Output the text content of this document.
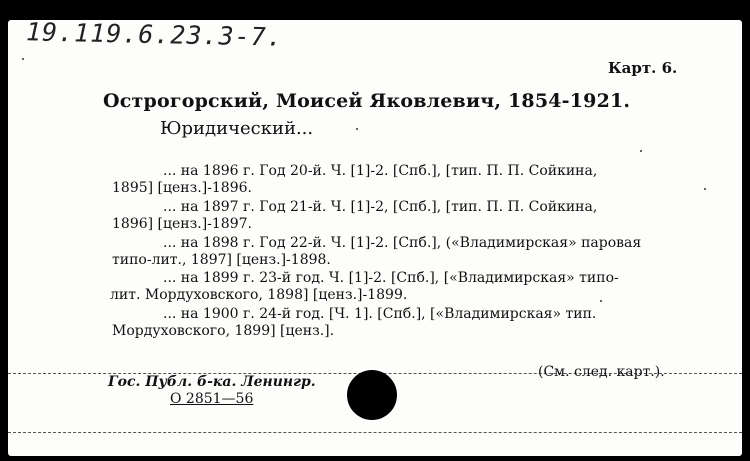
19.119.6.23.3-7.
Карт. 6.
Острогорский, Моисей Яковлевич, 1854-1921.
Юридический...
... на 1896 г. Год 20-й. Ч. [1]-2. [Спб.], [тип. П. П. Сойкина,
1895] [ценз.]-1896.
... на 1897 г. Год 21-й. Ч. [1]-2, [Спб.], [тип. П. П. Сойкина,
1896] [ценз.]-1897.
... на 1898 г. Год 22-й. Ч. [1]-2. [Спб.], («Владимирская» паровая
типо-лит., 1897] [ценз.]-1898.
... на 1899 г. 23-й год. Ч. [1]-2. [Спб.], [«Владимирская» типо-
лит. Мордуховского, 1898] [ценз.]-1899.
... на 1900 г. 24-й год. [Ч. 1]. [Спб.], [«Владимирская» тип.
Мордуховского, 1899] [ценз.].
Гос. Публ. б-ка. Ленингр.
О 2851—56
(См. след. карт.).
